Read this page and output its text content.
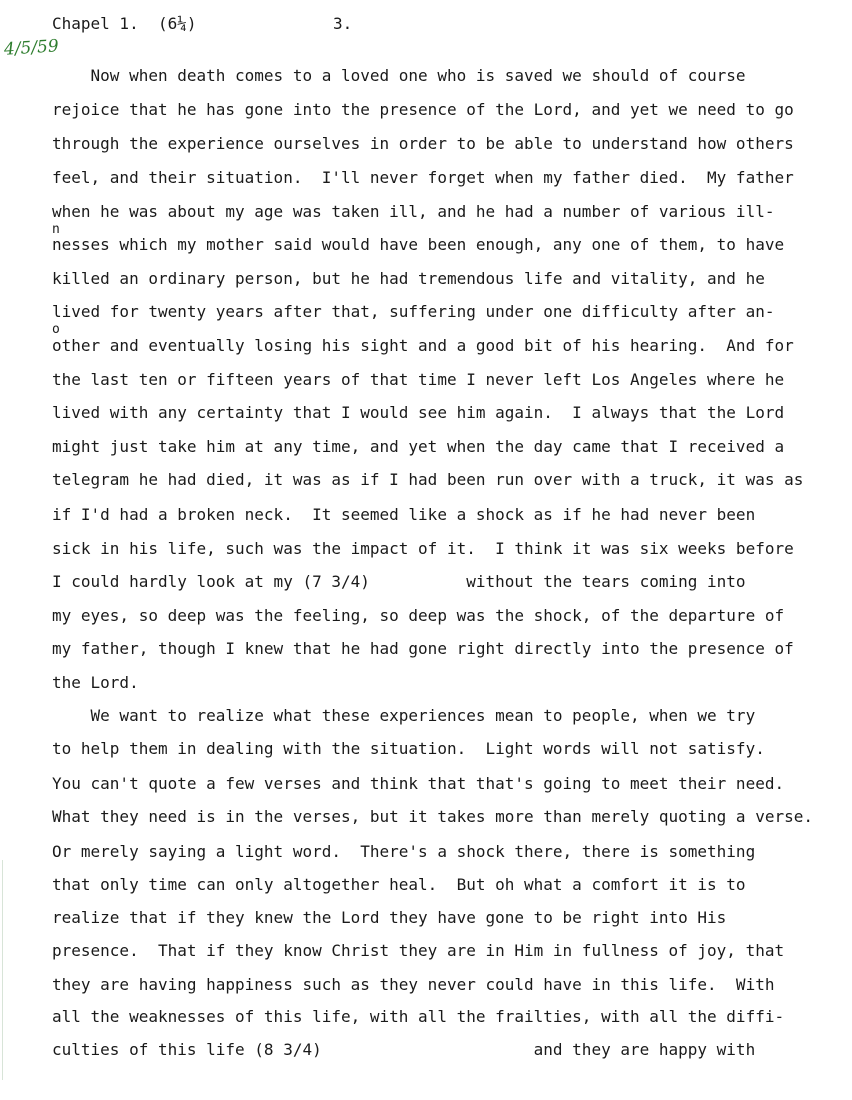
Chapel 1.  (6¼)	3.
4/5/59
Now when death comes to a loved one who is saved we should of course
rejoice that he has gone into the presence of the Lord, and yet we need to go
through the experience ourselves in order to be able to understand how others
feel, and their situation.  I'll never forget when my father died.  My father
when he was about my age was taken ill, and he had a number of various ill-
n
nesses which my mother said would have been enough, any one of them, to have
killed an ordinary person, but he had tremendous life and vitality, and he
lived for twenty years after that, suffering under one difficulty after an-
o
other and eventually losing his sight and a good bit of his hearing.  And for
the last ten or fifteen years of that time I never left Los Angeles where he
lived with any certainty that I would see him again.  I always that the Lord
might just take him at any time, and yet when the day came that I received a
telegram he had died, it was as if I had been run over with a truck, it was as
if I'd had a broken neck.  It seemed like a shock as if he had never been
sick in his life, such was the impact of it.  I think it was six weeks before
I could hardly look at my (7 3/4)          without the tears coming into
my eyes, so deep was the feeling, so deep was the shock, of the departure of
my father, though I knew that he had gone right directly into the presence of
the Lord.
We want to realize what these experiences mean to people, when we try
to help them in dealing with the situation.  Light words will not satisfy.
You can't quote a few verses and think that that's going to meet their need.
What they need is in the verses, but it takes more than merely quoting a verse.
Or merely saying a light word.  There's a shock there, there is something
that only time can only altogether heal.  But oh what a comfort it is to
realize that if they knew the Lord they have gone to be right into His
presence.  That if they know Christ they are in Him in fullness of joy, that
they are having happiness such as they never could have in this life.  With
all the weaknesses of this life, with all the frailties, with all the diffi-
culties of this life (8 3/4)                      and they are happy with
